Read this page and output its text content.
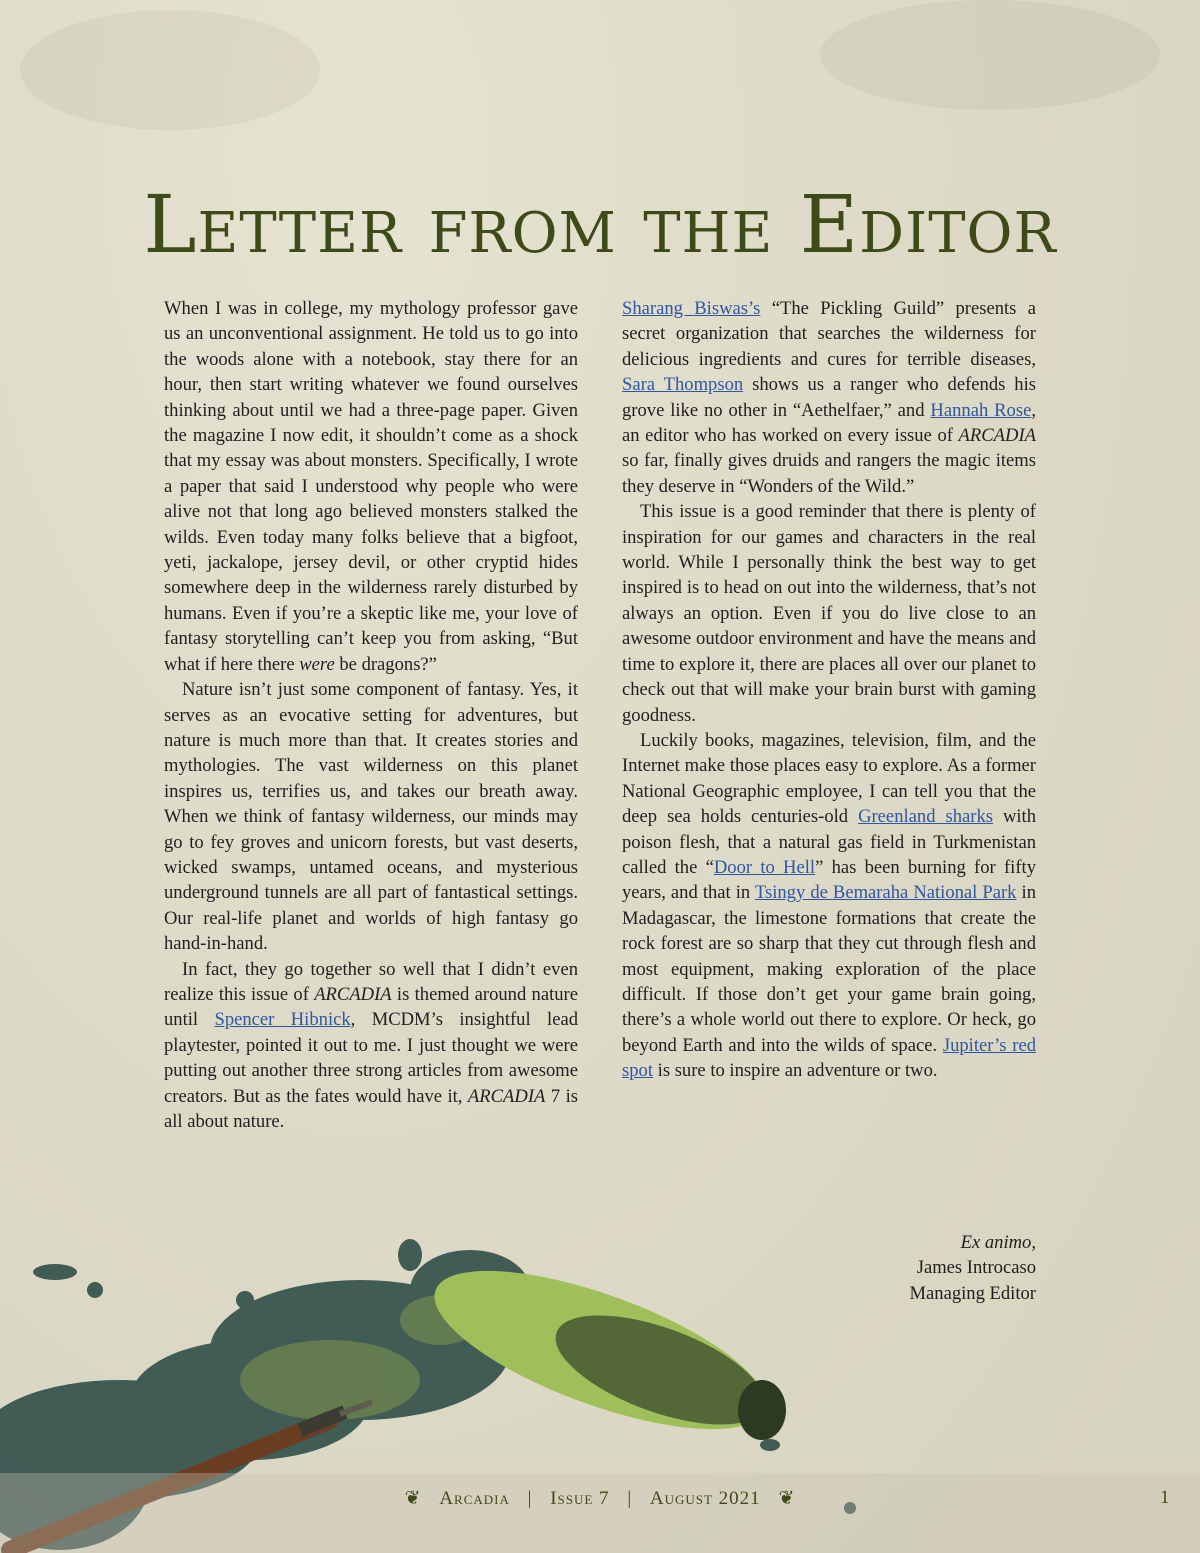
Letter from the Editor

When I was in college, my mythology professor gave us an unconventional assignment. He told us to go into the woods alone with a notebook, stay there for an hour, then start writing whatever we found ourselves thinking about until we had a three-page paper. Given the magazine I now edit, it shouldn’t come as a shock that my essay was about monsters. Specifically, I wrote a paper that said I understood why people who were alive not that long ago believed monsters stalked the wilds. Even today many folks believe that a bigfoot, yeti, jackalope, jersey devil, or other cryptid hides somewhere deep in the wilderness rarely disturbed by humans. Even if you’re a skeptic like me, your love of fantasy storytelling can’t keep you from asking, “But what if here there were be dragons?”

Nature isn’t just some component of fantasy. Yes, it serves as an evocative setting for adventures, but nature is much more than that. It creates stories and mythologies. The vast wilderness on this planet inspires us, terrifies us, and takes our breath away. When we think of fantasy wilderness, our minds may go to fey groves and unicorn forests, but vast deserts, wicked swamps, untamed oceans, and mysterious underground tunnels are all part of fantastical settings. Our real-life planet and worlds of high fantasy go hand-in-hand.

In fact, they go together so well that I didn’t even realize this issue of ARCADIA is themed around nature until Spencer Hibnick, MCDM’s insightful lead playtester, pointed it out to me. I just thought we were putting out another three strong articles from awesome creators. But as the fates would have it, ARCADIA 7 is all about nature.

Sharang Biswas’s “The Pickling Guild” presents a secret organization that searches the wilderness for delicious ingredients and cures for terrible diseases, Sara Thompson shows us a ranger who defends his grove like no other in “Aethelfaer,” and Hannah Rose, an editor who has worked on every issue of ARCADIA so far, finally gives druids and rangers the magic items they deserve in “Wonders of the Wild.”

This issue is a good reminder that there is plenty of inspiration for our games and characters in the real world. While I personally think the best way to get inspired is to head on out into the wilderness, that’s not always an option. Even if you do live close to an awesome outdoor environment and have the means and time to explore it, there are places all over our planet to check out that will make your brain burst with gaming goodness.

Luckily books, magazines, television, film, and the Internet make those places easy to explore. As a former National Geographic employee, I can tell you that the deep sea holds centuries-old Greenland sharks with poison flesh, that a natural gas field in Turkmenistan called the “Door to Hell” has been burning for fifty years, and that in Tsingy de Bemaraha National Park in Madagascar, the limestone formations that create the rock forest are so sharp that they cut through flesh and most equipment, making exploration of the place difficult. If those don’t get your game brain going, there’s a whole world out there to explore. Or heck, go beyond Earth and into the wilds of space. Jupiter’s red spot is sure to inspire an adventure or two.

Ex animo,
James Introcaso
Managing Editor
❦ Arcadia | Issue 7 | August 2021 ❦	1
